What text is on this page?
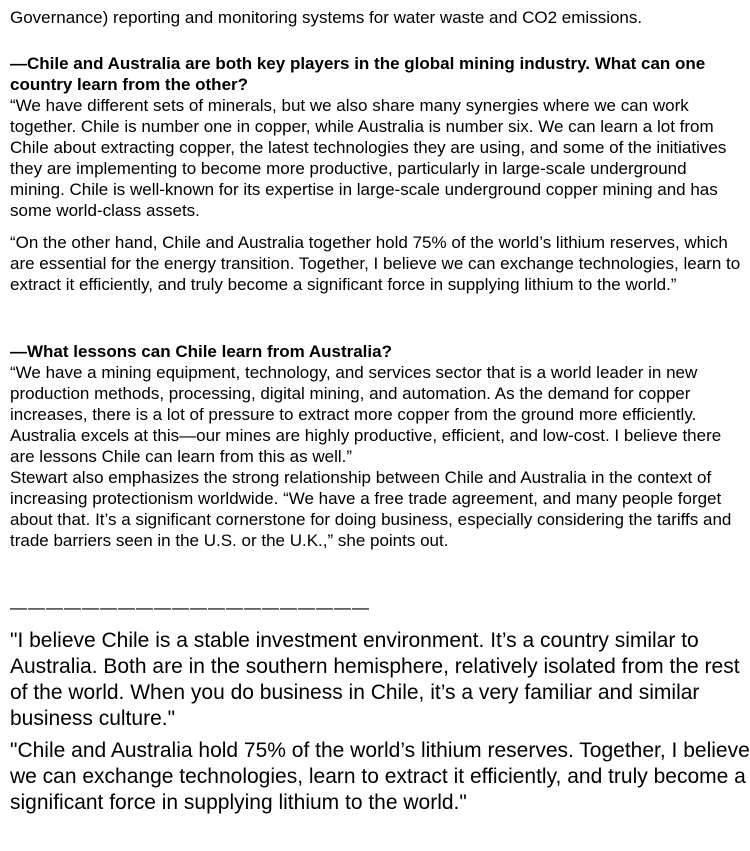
Governance) reporting and monitoring systems for water waste and CO2 emissions.

—Chile and Australia are both key players in the global mining industry. What can one country learn from the other?

“We have different sets of minerals, but we also share many synergies where we can work together. Chile is number one in copper, while Australia is number six. We can learn a lot from Chile about extracting copper, the latest technologies they are using, and some of the initiatives they are implementing to become more productive, particularly in large-scale underground mining. Chile is well-known for its expertise in large-scale underground copper mining and has some world-class assets.

“On the other hand, Chile and Australia together hold 75% of the world’s lithium reserves, which are essential for the energy transition. Together, I believe we can exchange technologies, learn to extract it efficiently, and truly become a significant force in supplying lithium to the world.”

—What lessons can Chile learn from Australia?

“We have a mining equipment, technology, and services sector that is a world leader in new production methods, processing, digital mining, and automation. As the demand for copper increases, there is a lot of pressure to extract more copper from the ground more efficiently. Australia excels at this—our mines are highly productive, efficient, and low-cost. I believe there are lessons Chile can learn from this as well.”

Stewart also emphasizes the strong relationship between Chile and Australia in the context of increasing protectionism worldwide. “We have a free trade agreement, and many people forget about that. It’s a significant cornerstone for doing business, especially considering the tariffs and trade barriers seen in the U.S. or the U.K.,” she points out.

————————————————————

"I believe Chile is a stable investment environment. It’s a country similar to Australia. Both are in the southern hemisphere, relatively isolated from the rest of the world. When you do business in Chile, it’s a very familiar and similar business culture."

"Chile and Australia hold 75% of the world’s lithium reserves. Together, I believe we can exchange technologies, learn to extract it efficiently, and truly become a significant force in supplying lithium to the world."
